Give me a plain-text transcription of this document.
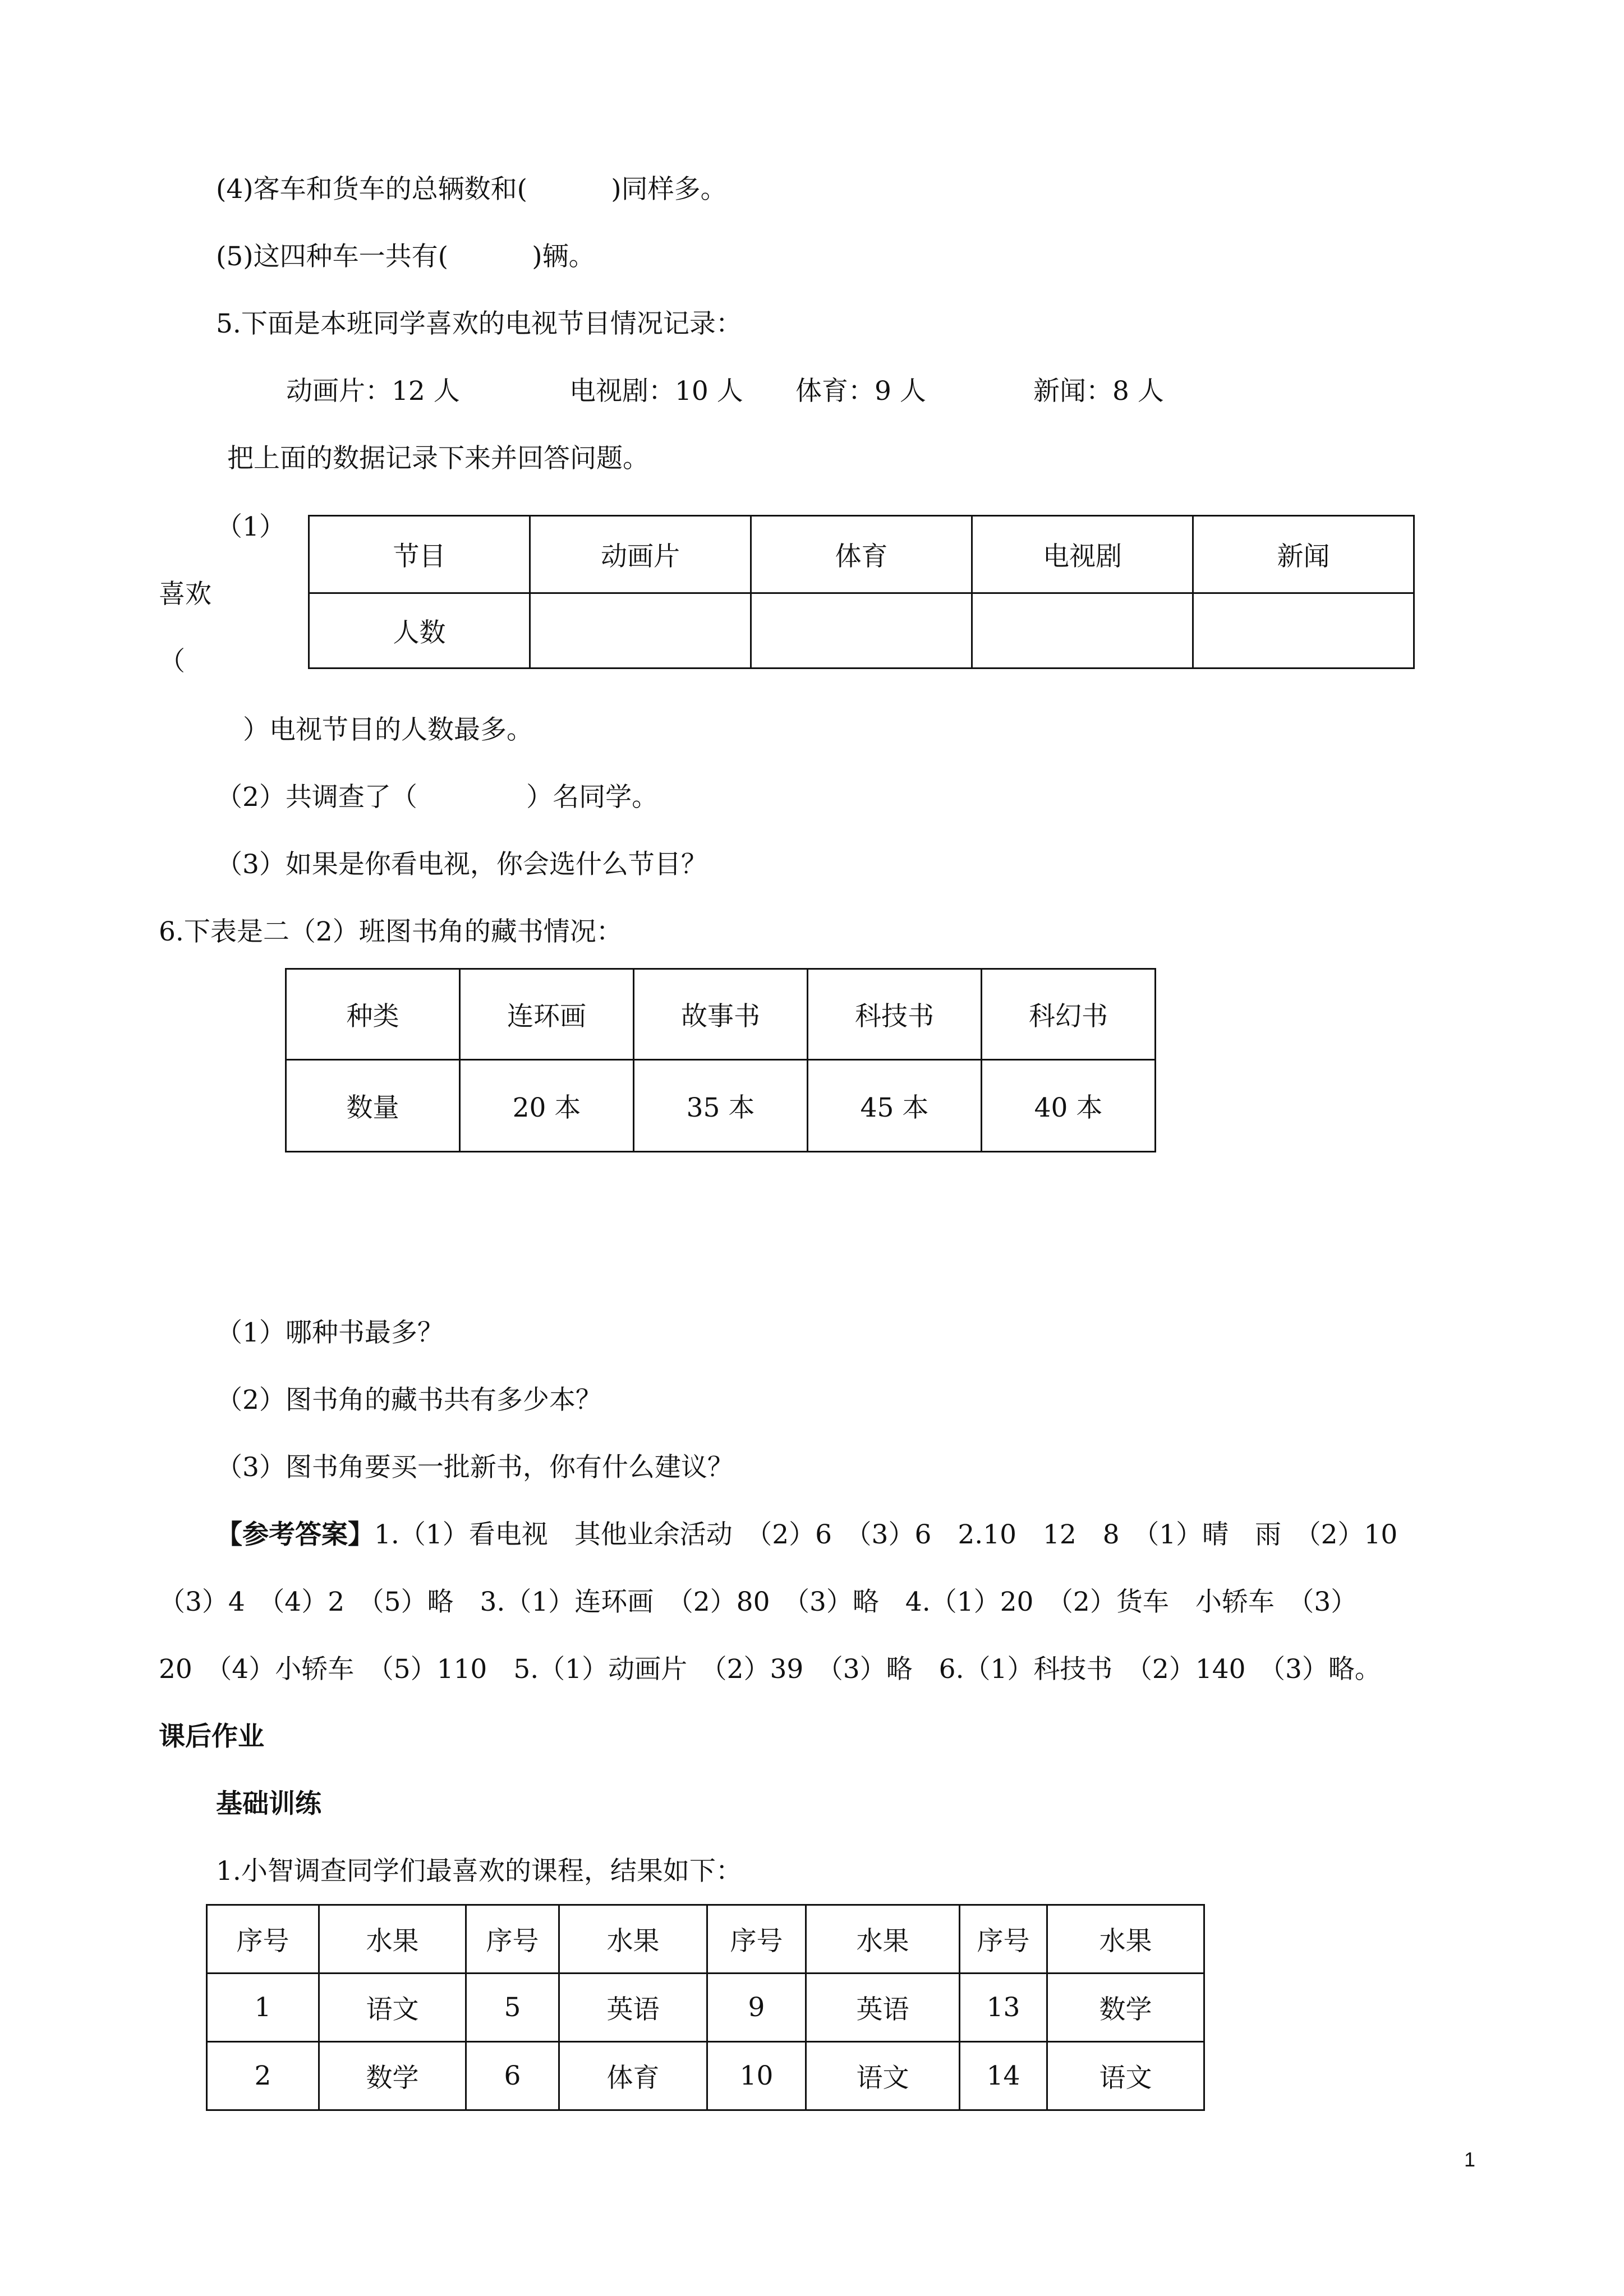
(4)客车和货车的总辆数和(          )同样多。
(5)这四种车一共有(          )辆。
5.下面是本班同学喜欢的电视节目情况记录：
动画片：12 人	电视剧：10 人 体育：9 人	新闻：8 人
把上面的数据记录下来并回答问题。
（1）
喜欢
（
节目	动画片	体育	电视剧	新闻
人数				
）电视节目的人数最多。
（2）共调查了（             ）名同学。
（3）如果是你看电视，你会选什么节目？
6.下表是二（2）班图书角的藏书情况：
种类	连环画	故事书	科技书	科幻书
数量	20 本	35 本	45 本	40 本
（1）哪种书最多？
（2）图书角的藏书共有多少本？
（3）图书角要买一批新书，你有什么建议？
【参考答案】1.（1）看电视　其他业余活动　（2）6　（3）6　2.10　12　8　（1）晴　雨　（2）10
（3）4　（4）2　（5）略　3.（1）连环画　（2）80　（3）略　4.（1）20　（2）货车　小轿车　（3）
20　（4）小轿车　（5）110　5.（1）动画片　（2）39　（3）略　6.（1）科技书　（2）140　（3）略。
课后作业
基础训练
1.小智调查同学们最喜欢的课程，结果如下：
序号	水果	序号	水果	序号	水果	序号	水果
1	语文	5	英语	9	英语	13	数学
2	数学	6	体育	10	语文	14	语文
1
